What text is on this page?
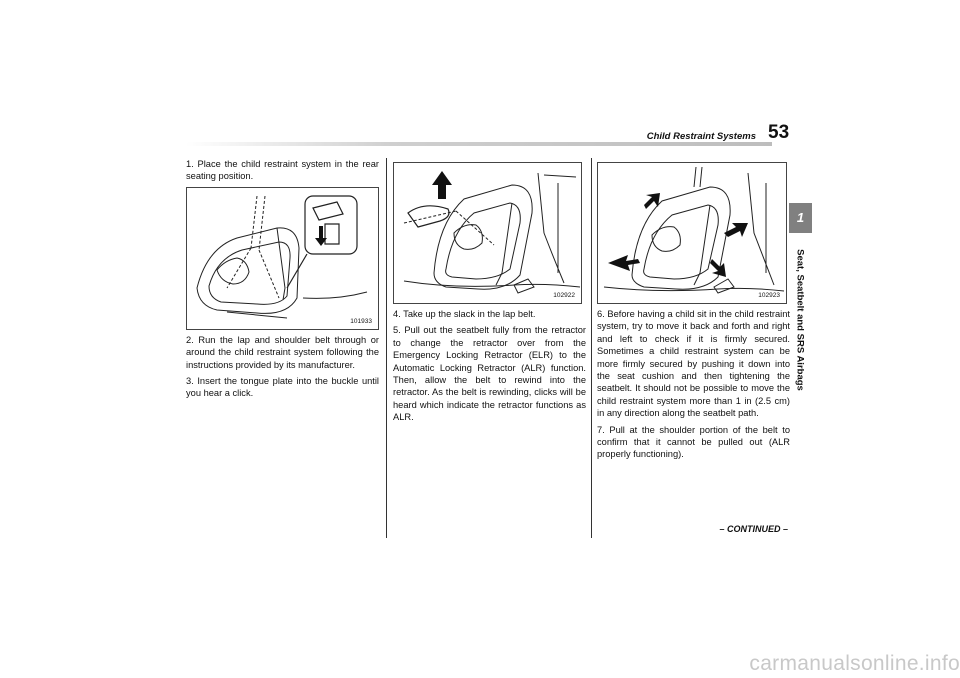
Child Restraint Systems 53
1
Seat, Seatbelt and SRS Airbags

1. Place the child restraint system in the rear seating position.

101933

2. Run the lap and shoulder belt through or around the child restraint system following the instructions provided by its manufacturer.

3. Insert the tongue plate into the buckle until you hear a click.

102922

4. Take up the slack in the lap belt.

5. Pull out the seatbelt fully from the retractor to change the retractor over from the Emergency Locking Retractor (ELR) to the Automatic Locking Retractor (ALR) function. Then, allow the belt to rewind into the retractor. As the belt is rewinding, clicks will be heard which indicate the retractor functions as ALR.

102923

6. Before having a child sit in the child restraint system, try to move it back and forth and right and left to check if it is firmly secured. Sometimes a child restraint system can be more firmly secured by pushing it down into the seat cushion and then tightening the seatbelt. It should not be possible to move the child restraint system more than 1 in (2.5 cm) in any direction along the seatbelt path.

7. Pull at the shoulder portion of the belt to confirm that it cannot be pulled out (ALR properly functioning).

– CONTINUED –
carmanualsonline.info
